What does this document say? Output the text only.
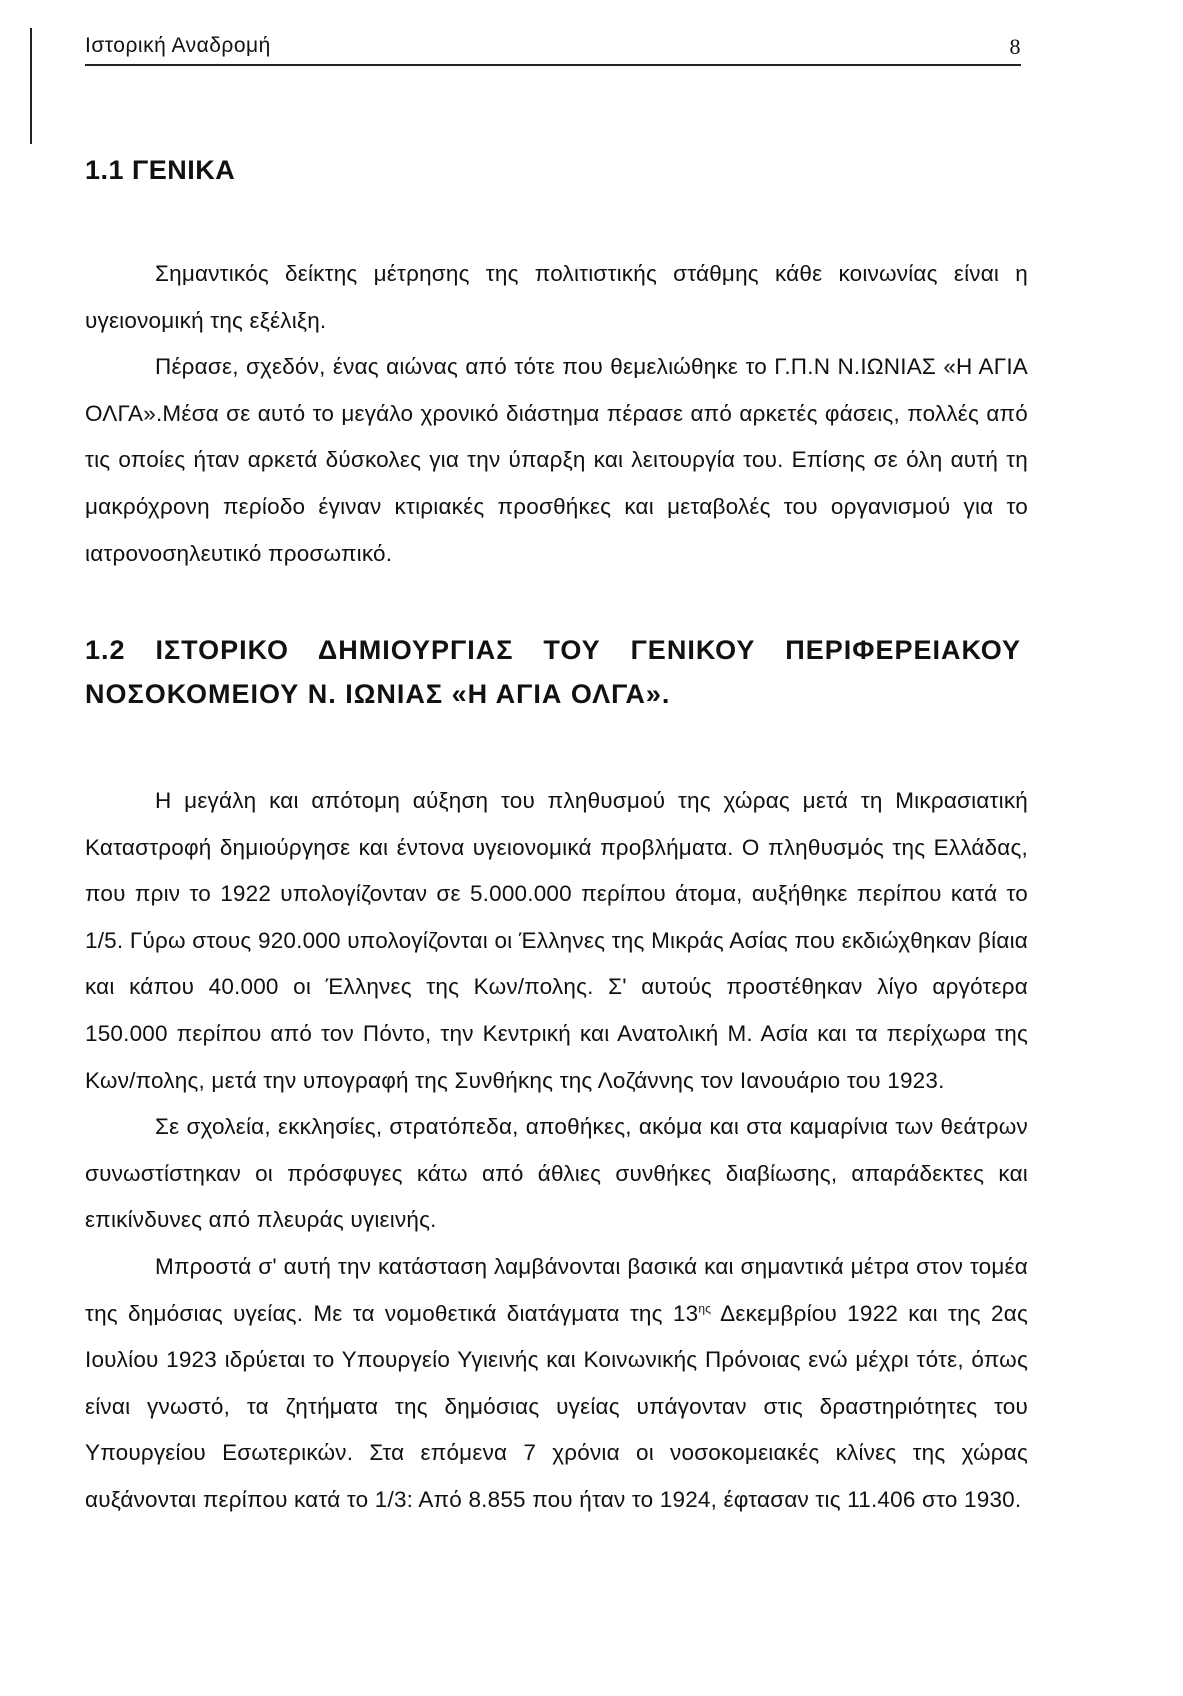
Ιστορική Αναδρομή	8
1.1 ΓΕΝΙΚΑ

Σημαντικός δείκτης μέτρησης της πολιτιστικής στάθμης κάθε κοινωνίας είναι η υγειονομική της εξέλιξη.

Πέρασε, σχεδόν, ένας αιώνας από τότε που θεμελιώθηκε το Γ.Π.Ν Ν.ΙΩΝΙΑΣ «Η ΑΓΙΑ ΟΛΓΑ».Μέσα σε αυτό το μεγάλο χρονικό διάστημα πέρασε από αρκετές φάσεις, πολλές από τις οποίες ήταν αρκετά δύσκολες για την ύπαρξη και λειτουργία του. Επίσης σε όλη αυτή τη μακρόχρονη περίοδο έγιναν κτιριακές προσθήκες και μεταβολές του οργανισμού για το ιατρονοσηλευτικό προσωπικό.

1.2 ΙΣΤΟΡΙΚΟ ΔΗΜΙΟΥΡΓΙΑΣ ΤΟΥ ΓΕΝΙΚΟΥ ΠΕΡΙΦΕΡΕΙΑΚΟΥ ΝΟΣΟΚΟΜΕΙΟΥ Ν. ΙΩΝΙΑΣ «Η ΑΓΙΑ ΟΛΓΑ».

Η μεγάλη και απότομη αύξηση του πληθυσμού της χώρας μετά τη Μικρασιατική Καταστροφή δημιούργησε και έντονα υγειονομικά προβλήματα. Ο πληθυσμός της Ελλάδας, που πριν το 1922 υπολογίζονταν σε 5.000.000 περίπου άτομα, αυξήθηκε περίπου κατά το 1/5. Γύρω στους 920.000 υπολογίζονται οι Έλληνες της Μικράς Ασίας που εκδιώχθηκαν βίαια και κάπου 40.000 οι Έλληνες της Κων/πολης. Σ' αυτούς προστέθηκαν λίγο αργότερα 150.000 περίπου από τον Πόντο, την Κεντρική και Ανατολική Μ. Ασία και τα περίχωρα της Κων/πολης, μετά την υπογραφή της Συνθήκης της Λοζάννης τον Ιανουάριο του 1923.

Σε σχολεία, εκκλησίες, στρατόπεδα, αποθήκες, ακόμα και στα καμαρίνια των θεάτρων συνωστίστηκαν οι πρόσφυγες κάτω από άθλιες συνθήκες διαβίωσης, απαράδεκτες και επικίνδυνες από πλευράς υγιεινής.

Μπροστά σ' αυτή την κατάσταση λαμβάνονται βασικά και σημαντικά μέτρα στον τομέα της δημόσιας υγείας. Με τα νομοθετικά διατάγματα της $13^{\eta\varsigma}$ Δεκεμβρίου 1922 και της 2ας Ιουλίου 1923 ιδρύεται το Υπουργείο Υγιεινής και Κοινωνικής Πρόνοιας ενώ μέχρι τότε, όπως είναι γνωστό, τα ζητήματα της δημόσιας υγείας υπάγονταν στις δραστηριότητες του Υπουργείου Εσωτερικών. Στα επόμενα 7 χρόνια οι νοσοκομειακές κλίνες της χώρας αυξάνονται περίπου κατά το 1/3: Από 8.855 που ήταν το 1924, έφτασαν τις 11.406 στο 1930.
